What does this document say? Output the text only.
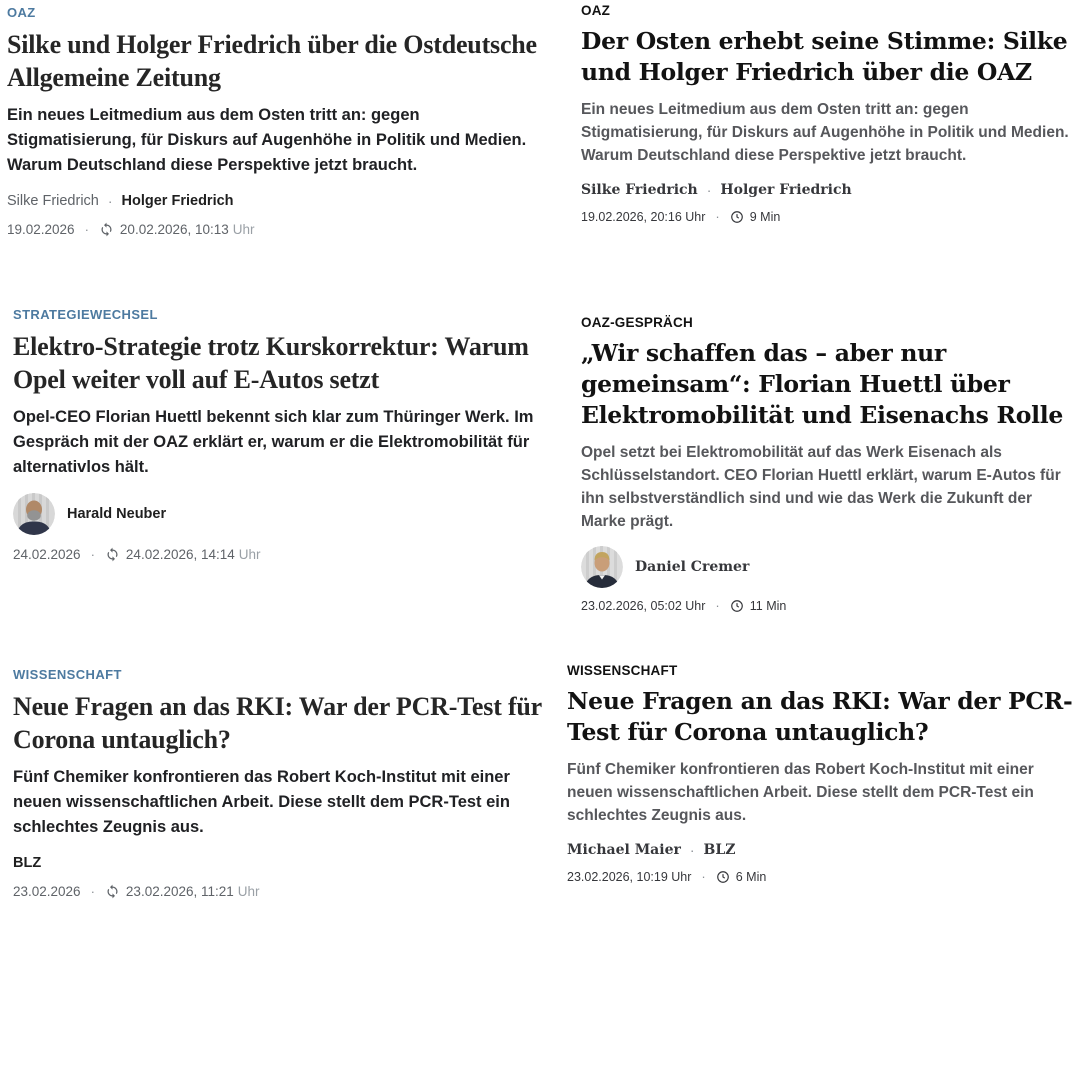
OAZ
Silke und Holger Friedrich über die Ostdeutsche Allgemeine Zeitung

Ein neues Leitmedium aus dem Osten tritt an: gegen Stigmatisierung, für Diskurs auf Augenhöhe in Politik und Medien. Warum Deutschland diese Perspektive jetzt braucht.

Silke Friedrich · Holger Friedrich
19.02.2026 ·	20.02.2026, 10:13 Uhr
OAZ
Der Osten erhebt seine Stimme: Silke und Holger Friedrich über die OAZ

Ein neues Leitmedium aus dem Osten tritt an: gegen Stigmatisierung, für Diskurs auf Augenhöhe in Politik und Medien. Warum Deutschland diese Perspektive jetzt braucht.

Silke Friedrich · Holger Friedrich
19.02.2026, 20:16 Uhr ·	9 Min
STRATEGIEWECHSEL
Elektro-Strategie trotz Kurskorrektur: Warum Opel weiter voll auf E-Autos setzt

Opel-CEO Florian Huettl bekennt sich klar zum Thüringer Werk. Im Gespräch mit der OAZ erklärt er, warum er die Elektromobilität für alternativlos hält.

Harald Neuber
24.02.2026 ·	24.02.2026, 14:14 Uhr
OAZ-GESPRÄCH
„Wir schaffen das – aber nur gemeinsam“: Florian Huettl über Elektromobilität und Eisenachs Rolle

Opel setzt bei Elektromobilität auf das Werk Eisenach als Schlüsselstandort. CEO Florian Huettl erklärt, warum E-Autos für ihn selbstverständlich sind und wie das Werk die Zukunft der Marke prägt.

Daniel Cremer
23.02.2026, 05:02 Uhr ·	11 Min
WISSENSCHAFT
Neue Fragen an das RKI: War der PCR-Test für Corona untauglich?

Fünf Chemiker konfrontieren das Robert Koch-Institut mit einer neuen wissenschaftlichen Arbeit. Diese stellt dem PCR-Test ein schlechtes Zeugnis aus.

BLZ
23.02.2026 ·	23.02.2026, 11:21 Uhr
WISSENSCHAFT
Neue Fragen an das RKI: War der PCR-Test für Corona untauglich?

Fünf Chemiker konfrontieren das Robert Koch-Institut mit einer neuen wissenschaftlichen Arbeit. Diese stellt dem PCR-Test ein schlechtes Zeugnis aus.

Michael Maier · BLZ
23.02.2026, 10:19 Uhr ·	6 Min
